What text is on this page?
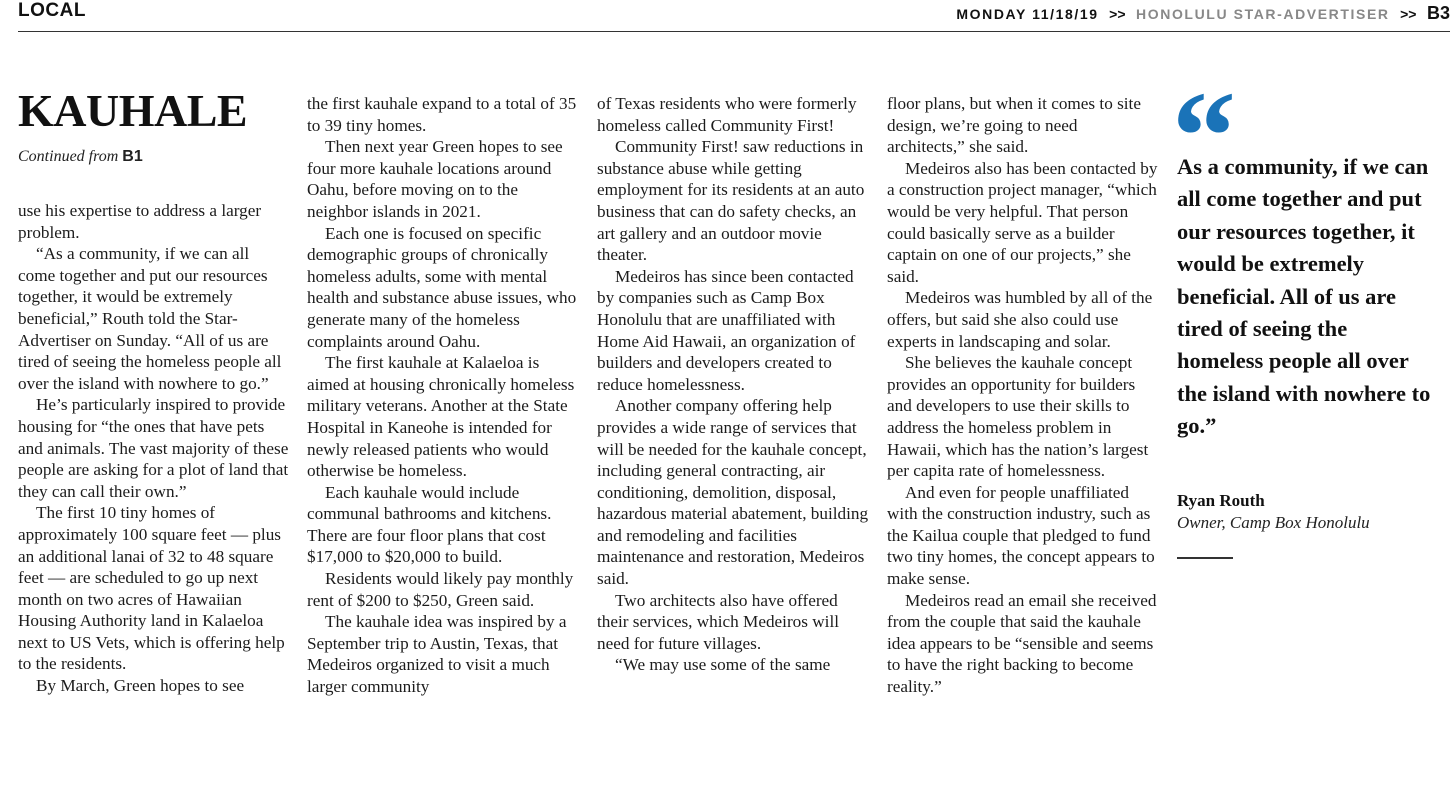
LOCAL	MONDAY 11/18/19 >> HONOLULU STAR-ADVERTISER >> B3
KAUHALE
Continued from B1

use his expertise to address a larger problem.

“As a community, if we can all come together and put our resources together, it would be extremely beneficial,” Routh told the Star-Advertiser on Sunday. “All of us are tired of seeing the homeless people all over the island with nowhere to go.”

He’s particularly inspired to provide housing for “the ones that have pets and animals. The vast majority of these people are asking for a plot of land that they can call their own.”

The first 10 tiny homes of approximately 100 square feet — plus an additional lanai of 32 to 48 square feet — are scheduled to go up next month on two acres of Hawaiian Housing Authority land in Kalaeloa next to US Vets, which is offering help to the residents.

By March, Green hopes to see

the first kauhale expand to a total of 35 to 39 tiny homes.

Then next year Green hopes to see four more kauhale locations around Oahu, before moving on to the neighbor islands in 2021.

Each one is focused on specific demographic groups of chronically homeless adults, some with mental health and substance abuse issues, who generate many of the homeless complaints around Oahu.

The first kauhale at Kalaeloa is aimed at housing chronically homeless military veterans. Another at the State Hospital in Kaneohe is intended for newly released patients who would otherwise be homeless.

Each kauhale would include communal bathrooms and kitchens. There are four floor plans that cost $17,000 to $20,000 to build.

Residents would likely pay monthly rent of $200 to $250, Green said.

The kauhale idea was inspired by a September trip to Austin, Texas, that Medeiros organized to visit a much larger community

of Texas residents who were formerly homeless called Community First!

Community First! saw reductions in substance abuse while getting employment for its residents at an auto business that can do safety checks, an art gallery and an outdoor movie theater.

Medeiros has since been contacted by companies such as Camp Box Honolulu that are unaffiliated with Home Aid Hawaii, an organization of builders and developers created to reduce homelessness.

Another company offering help provides a wide range of services that will be needed for the kauhale concept, including general contracting, air conditioning, demolition, disposal, hazardous material abatement, building and remodeling and facilities maintenance and restoration, Medeiros said.

Two architects also have offered their services, which Medeiros will need for future villages.

“We may use some of the same

floor plans, but when it comes to site design, we’re going to need architects,” she said.

Medeiros also has been contacted by a construction project manager, “which would be very helpful. That person could basically serve as a builder captain on one of our projects,” she said.

Medeiros was humbled by all of the offers, but said she also could use experts in landscaping and solar.

She believes the kauhale concept provides an opportunity for builders and developers to use their skills to address the homeless problem in Hawaii, which has the nation’s largest per capita rate of homelessness.

And even for people unaffiliated with the construction industry, such as the Kailua couple that pledged to fund two tiny homes, the concept appears to make sense.

Medeiros read an email she received from the couple that said the kauhale idea appears to be “sensible and seems to have the right backing to become reality.”

“

As a community, if we can all come together and put our resources together, it would be extremely beneficial. All of us are tired of seeing the homeless people all over the island with nowhere to go.”

Ryan Routh
Owner, Camp Box Honolulu
